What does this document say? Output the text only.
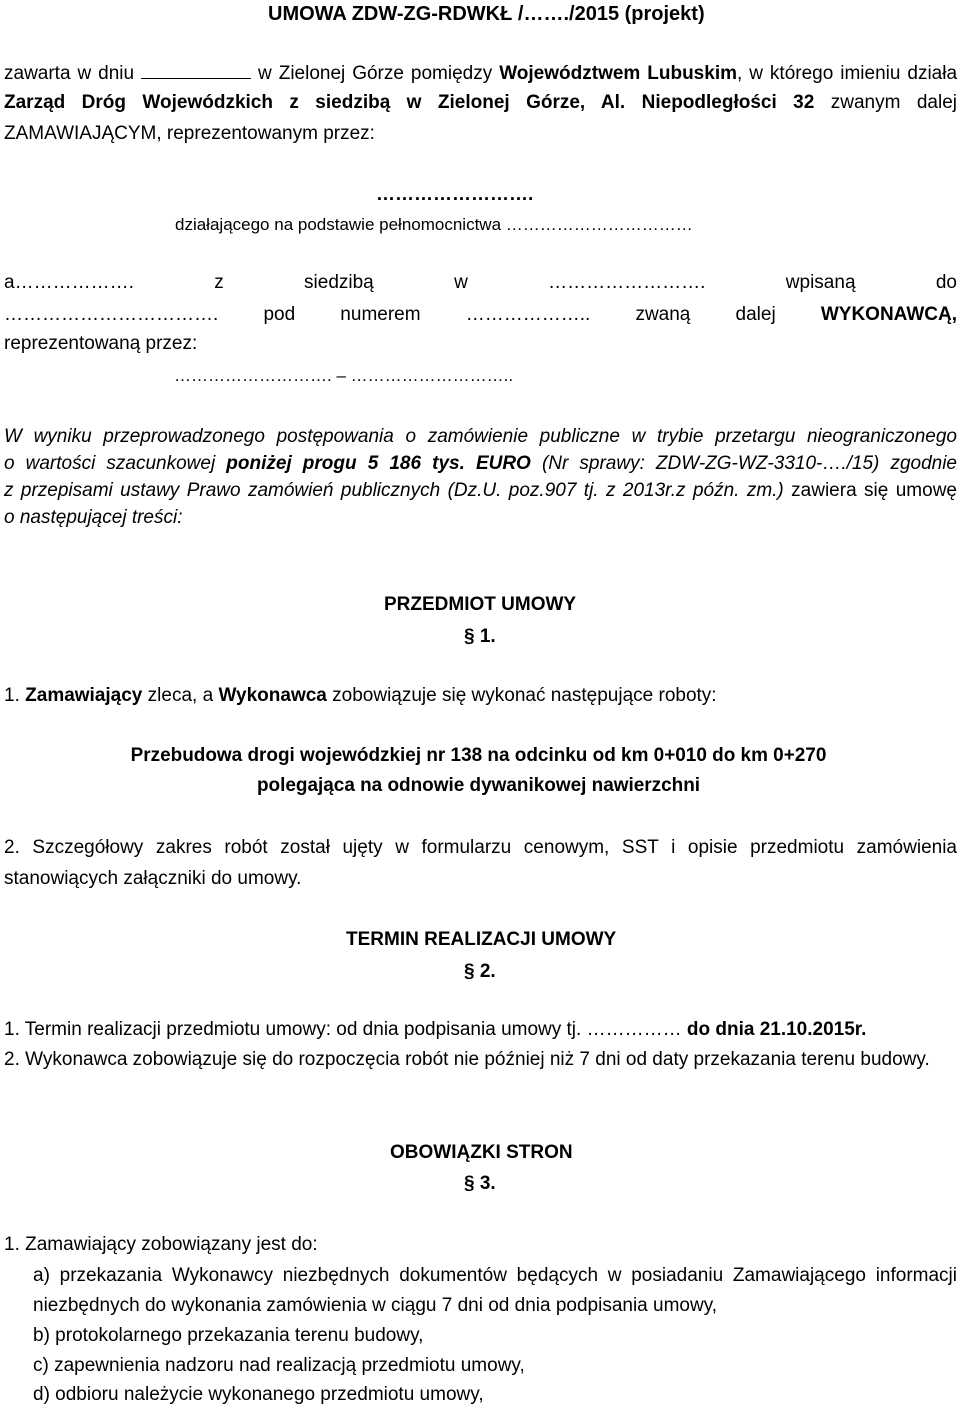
UMOWA ZDW-ZG-RDWKŁ /……./2015 (projekt)
zawarta w dniu	w Zielonej Górze pomiędzy Województwem Lubuskim, w którego imieniu działa
Zarząd Dróg Wojewódzkich z siedzibą w Zielonej Górze, Al. Niepodległości 32 zwanym dalej
ZAMAWIAJĄCYM, reprezentowanym przez:
…………………….
działającego na podstawie pełnomocnictwa ……………………………
a………………. z siedzibą w ……………………. wpisaną do
……………………………. pod numerem ……………….. zwaną dalej WYKONAWCĄ,
reprezentowaną przez:
………………………. – ………………………..
W wyniku przeprowadzonego postępowania o zamówienie publiczne w trybie przetargu nieograniczonego
o wartości szacunkowej poniżej progu 5 186 tys. EURO (Nr sprawy: ZDW-ZG-WZ-3310-…./15) zgodnie
z przepisami ustawy Prawo zamówień publicznych (Dz.U. poz.907 tj. z 2013r.z późn. zm.) zawiera się umowę
o następującej treści:
PRZEDMIOT UMOWY
§ 1.
1. Zamawiający zleca, a Wykonawca zobowiązuje się wykonać następujące roboty:
Przebudowa drogi wojewódzkiej nr 138 na odcinku od km 0+010 do km 0+270
polegająca na odnowie dywanikowej nawierzchni
2. Szczegółowy zakres robót został ujęty w formularzu cenowym, SST i opisie przedmiotu zamówienia
stanowiących załączniki do umowy.
TERMIN REALIZACJI UMOWY
§ 2.
1. Termin realizacji przedmiotu umowy: od dnia podpisania umowy tj. …………… do dnia 21.10.2015r.
2. Wykonawca zobowiązuje się do rozpoczęcia robót nie później niż 7 dni od daty przekazania terenu budowy.
OBOWIĄZKI STRON
§ 3.
1. Zamawiający zobowiązany jest do:
a) przekazania Wykonawcy niezbędnych dokumentów będących w posiadaniu Zamawiającego informacji
niezbędnych do wykonania zamówienia w ciągu 7 dni od dnia podpisania umowy,
b) protokolarnego przekazania terenu budowy,
c) zapewnienia nadzoru nad realizacją przedmiotu umowy,
d) odbioru należycie wykonanego przedmiotu umowy,
